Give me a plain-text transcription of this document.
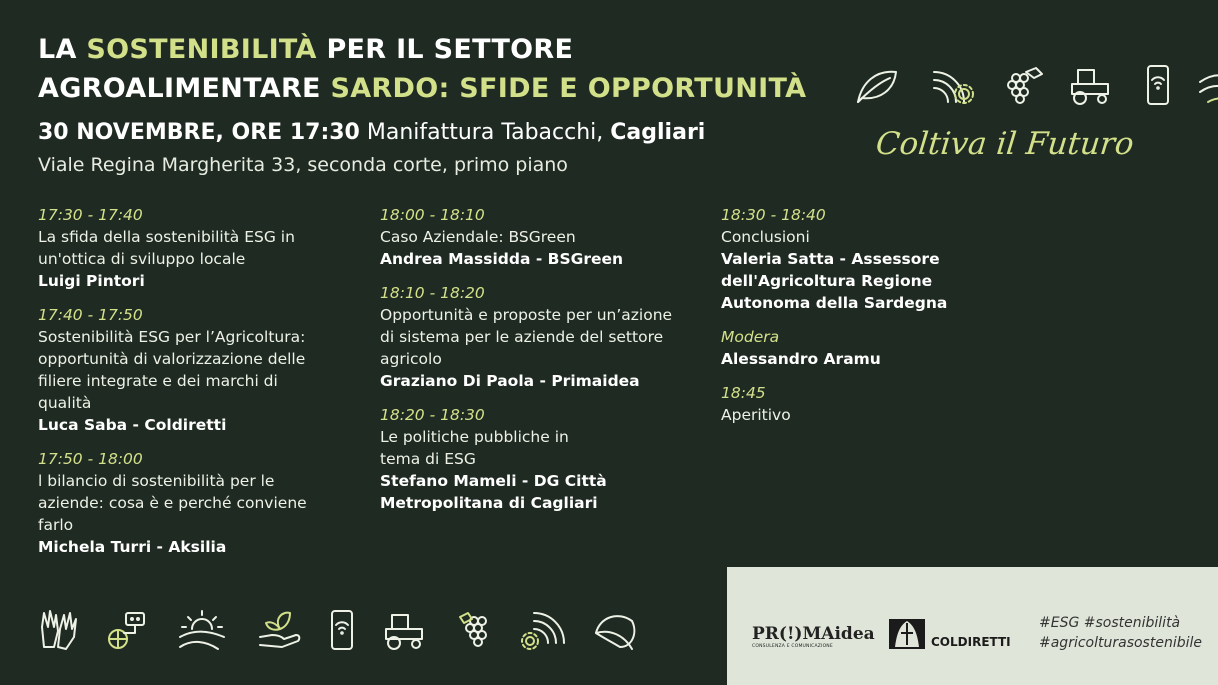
LA SOSTENIBILITÀ PER IL SETTORE
AGROALIMENTARE SARDO: SFIDE E OPPORTUNITÀ
30 NOVEMBRE, ORE 17:30 Manifattura Tabacchi, Cagliari
Viale Regina Margherita 33, seconda corte, primo piano
Coltiva il Futuro
17:30 - 17:40
La sfida della sostenibilità ESG in un'ottica di sviluppo locale
Luigi Pintori
17:40 - 17:50
Sostenibilità ESG per l’Agricoltura: opportunità di valorizzazione delle filiere integrate e dei marchi di qualità
Luca Saba - Coldiretti
17:50 - 18:00
l bilancio di sostenibilità per le aziende: cosa è e perché conviene farlo
Michela Turri - Aksilia
18:00 - 18:10
Caso Aziendale: BSGreen
Andrea Massidda - BSGreen
18:10 - 18:20
Opportunità e proposte per un’azione di sistema per le aziende del settore agricolo
Graziano Di Paola - Primaidea
18:20 - 18:30
Le politiche pubbliche in tema di ESG
Stefano Mameli - DG Città Metropolitana di Cagliari
18:30 - 18:40
Conclusioni
Valeria Satta - Assessore dell'Agricoltura Regione Autonoma della Sardegna
Modera
Alessandro Aramu
18:45
Aperitivo
PR(!)MAidea
CONSULENZA E COMUNICAZIONE	COLDIRETTI
#ESG #sostenibilità
#agricolturasostenibile
